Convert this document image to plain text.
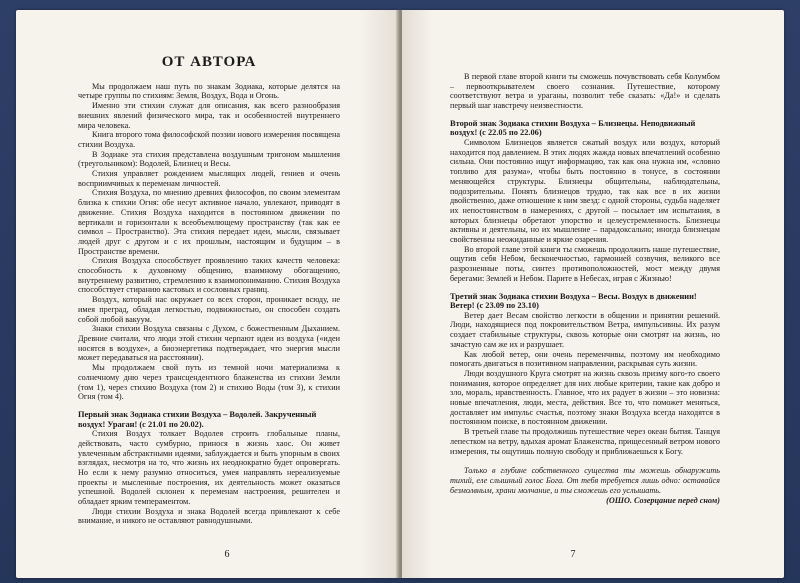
ОТ АВТОРА

Мы продолжаем наш путь по знакам Зодиака, которые делятся на четыре группы по стихиям: Земля, Воздух, Вода и Огонь.

Именно эти стихии служат для описания, как всего разнообразия внешних явлений физического мира, так и особенностей внутреннего мира человека.

Книга второго тома философской поэзии нового измерения посвящена стихии Воздуха.

В Зодиаке эта стихия представлена воздушным тригоном мышления (треугольником): Водолей, Близнец и Весы.

Стихия управляет рождением мыслящих людей, гениев и очень восприимчивых к переменам личностей.

Стихия Воздуха, по мнению древних философов, по своим элементам близка к стихии Огня: обе несут активное начало, увлекают, приводят в движение. Стихия Воздуха находится в постоянном движении по вертикали и горизонтали к всеобъемлющему пространству (так как ее символ – Пространство). Эта стихия передает идеи, мысли, связывает людей друг с другом и с их прошлым, настоящим и будущим – в Пространстве времени.

Стихия Воздуха способствует проявлению таких качеств человека: способность к духовному общению, взаимному обогащению, внутреннему развитию, стремлению к взаимопониманию. Стихия Воздуха способствует стиранию кастовых и сословных границ.

Воздух, который нас окружает со всех сторон, проникает всюду, не имея преград, обладая легкостью, подвижностью, он способен создать собой любой вакуум.

Знаки стихии Воздуха связаны с Духом, с божественным Дыханием. Древние считали, что люди этой стихии черпают идеи из воздуха («идеи носятся в воздухе», а биоэнергетика подтверждает, что энергия мысли может передаваться на расстоянии).

Мы продолжаем свой путь из темной ночи материализма к солнечному дню через трансцендентного блаженства из стихии Земли (том 1), через стихию Воздуха (том 2) и стихию Воды (том 3), к стихии Огня (том 4).

Первый знак Зодиака стихии Воздуха – Водолей. Закрученный воздух! Ураган! (с 21.01 по 20.02).

Стихия Воздух толкает Водолея строить глобальные планы, действовать, часто сумбурно, принося в жизнь хаос. Он живет увлеченным абстрактными идеями, заблуждается и быть упорным в своих взглядах, несмотря на то, что жизнь их неоднократно будет опровергать. Но если к нему разумно относиться, умея направлять нереализуемые проекты и мысленные построения, их деятельность может оказаться успешной. Водолей склонен к переменам настроения, решителен и обладает ярким темпераментом.

Люди стихии Воздуха и знака Водолей всегда привлекают к себе внимание, и никого не оставляют равнодушными.

6

В первой главе второй книги ты сможешь почувствовать себя Колумбом – первооткрывателем своего сознания. Путешествие, которому соответствуют ветра и ураганы, позволит тебе сказать: «Да!» и сделать первый шаг навстречу неизвестности.

Второй знак Зодиака стихии Воздуха – Близнецы. Неподвижный воздух! (с 22.05 по 22.06)

Символом Близнецов является сжатый воздух или воздух, который находится под давлением. В этих людях жажда новых впечатлений особенно сильна. Они постоянно ищут информацию, так как она нужна им, «словно топливо для разума», чтобы быть постоянно в тонусе, в состоянии меняющейся структуры. Близнецы общительны, наблюдательны, подозрительны. Понять близнецов трудно, так как все в их жизни двойственно, даже отношение к ним звезд: с одной стороны, судьба наделяет их непостоянством в намерениях, с другой – посылает им испытания, в которых близнецы обретают упорство и целеустремленность. Близнецы активны и деятельны, но их мышление – парадоксально; иногда близнецам свойственны неожиданные и яркие озарения.

Во второй главе этой книги ты сможешь продолжить наше путешествие, ощутив себя Небом, бесконечностью, гармонией созвучия, великого все разрозненные поты, синтез противоположностей, мост между двумя берегами: Землей и Небом. Парите в Небесах, играя с Жизнью!

Третий знак Зодиака стихии Воздуха – Весы. Воздух в движении! Ветер! (с 23.09 по 23.10)

Ветер дает Весам свойство легкости в общении и принятии решений. Люди, находящиеся под покровительством Ветра, импульсивны. Их разум создает стабильные структуры, сквозь которые они смотрят на жизнь, но зачастую сам же их и разрушает.

Как любой ветер, они очень переменчивы, поэтому им необходимо помогать двигаться в позитивном направлении, раскрывая суть жизни.

Люди воздушного Круга смотрят на жизнь сквозь призму кого-то своего понимания, которое определяет для них любые критерии, такие как добро и зло, мораль, нравственность. Главное, что их радует в жизни – это новизна: новые впечатления, люди, места, действия. Все то, что поможет меняться, доставляет им импульс счастья, поэтому знаки Воздуха всегда находятся в постоянном поиске, в постоянном движении.

В третьей главе ты продолжишь путешествие через океан бытия. Танцуя лепестком на ветру, вдыхая аромат Блаженства, прищесенный ветром нового измерения, ты ощутишь полную свободу и приближаешься к Богу.

Только в глубине собственного существа ты можешь обнаружить тихий, еле слышный голос Бога. От тебя требуется лишь одно: оставайся безмолвным, храни молчание, и ты сможешь его услышать.

(ОШО. Созерцание перед сном)

7
